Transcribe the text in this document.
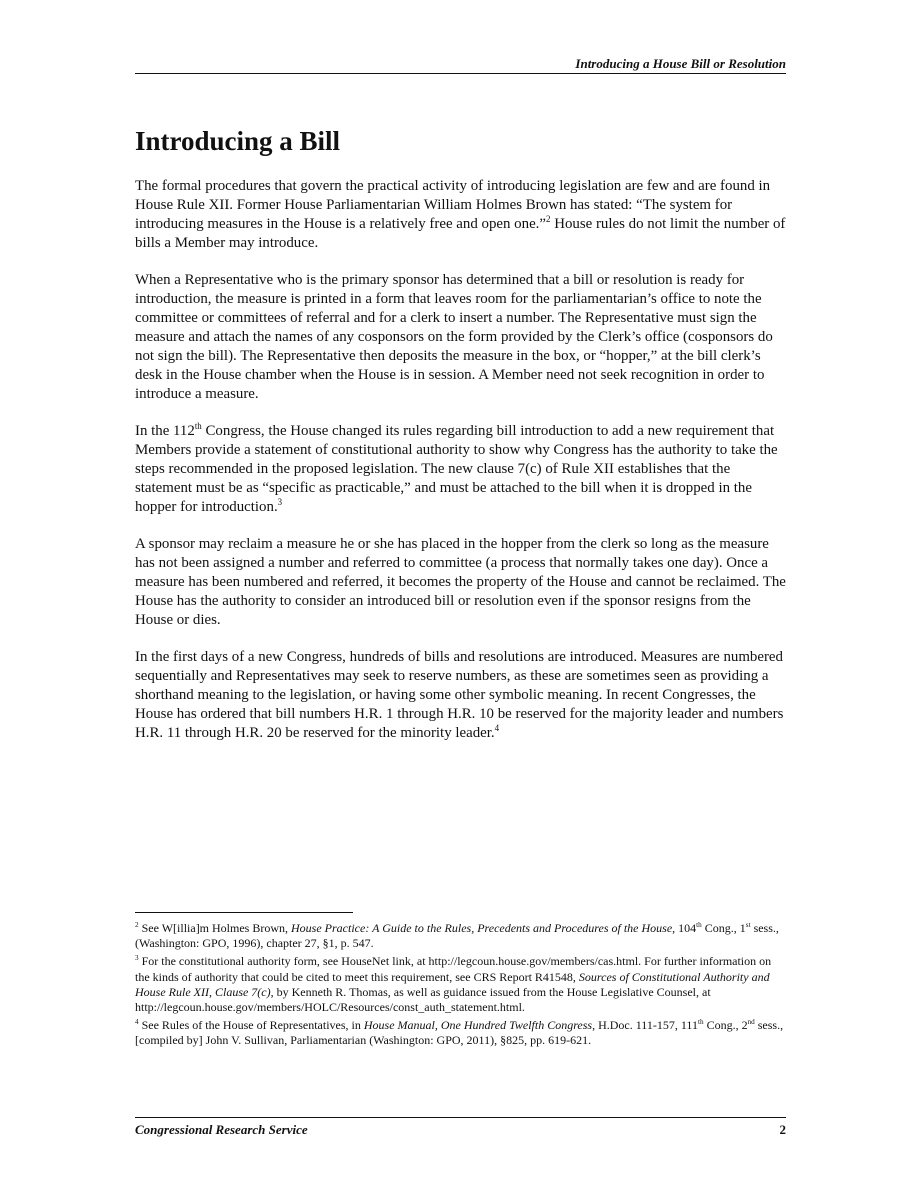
Introducing a House Bill or Resolution
Introducing a Bill

The formal procedures that govern the practical activity of introducing legislation are few and are found in House Rule XII. Former House Parliamentarian William Holmes Brown has stated: “The system for introducing measures in the House is a relatively free and open one.”$^2$ House rules do not limit the number of bills a Member may introduce.

When a Representative who is the primary sponsor has determined that a bill or resolution is ready for introduction, the measure is printed in a form that leaves room for the parliamentarian’s office to note the committee or committees of referral and for a clerk to insert a number. The Representative must sign the measure and attach the names of any cosponsors on the form provided by the Clerk’s office (cosponsors do not sign the bill). The Representative then deposits the measure in the box, or “hopper,” at the bill clerk’s desk in the House chamber when the House is in session. A Member need not seek recognition in order to introduce a measure.

In the 112th Congress, the House changed its rules regarding bill introduction to add a new requirement that Members provide a statement of constitutional authority to show why Congress has the authority to take the steps recommended in the proposed legislation. The new clause 7(c) of Rule XII establishes that the statement must be as “specific as practicable,” and must be attached to the bill when it is dropped in the hopper for introduction.$^3$

A sponsor may reclaim a measure he or she has placed in the hopper from the clerk so long as the measure has not been assigned a number and referred to committee (a process that normally takes one day). Once a measure has been numbered and referred, it becomes the property of the House and cannot be reclaimed. The House has the authority to consider an introduced bill or resolution even if the sponsor resigns from the House or dies.

In the first days of a new Congress, hundreds of bills and resolutions are introduced. Measures are numbered sequentially and Representatives may seek to reserve numbers, as these are sometimes seen as providing a shorthand meaning to the legislation, or having some other symbolic meaning. In recent Congresses, the House has ordered that bill numbers H.R. 1 through H.R. 10 be reserved for the majority leader and numbers H.R. 11 through H.R. 20 be reserved for the minority leader.$^4$

$^2$ See W[illia]m Holmes Brown, House Practice: A Guide to the Rules, Precedents and Procedures of the House, 104th Cong., 1st sess., (Washington: GPO, 1996), chapter 27, §1, p. 547.

$^3$ For the constitutional authority form, see HouseNet link, at http://legcoun.house.gov/members/cas.html. For further information on the kinds of authority that could be cited to meet this requirement, see CRS Report R41548, Sources of Constitutional Authority and House Rule XII, Clause 7(c), by Kenneth R. Thomas, as well as guidance issued from the House Legislative Counsel, at http://legcoun.house.gov/members/HOLC/Resources/const_auth_statement.html.

$^4$ See Rules of the House of Representatives, in House Manual, One Hundred Twelfth Congress, H.Doc. 111-157, 111th Cong., 2nd sess., [compiled by] John V. Sullivan, Parliamentarian (Washington: GPO, 2011), §825, pp. 619-621.

Congressional Research Service	2
